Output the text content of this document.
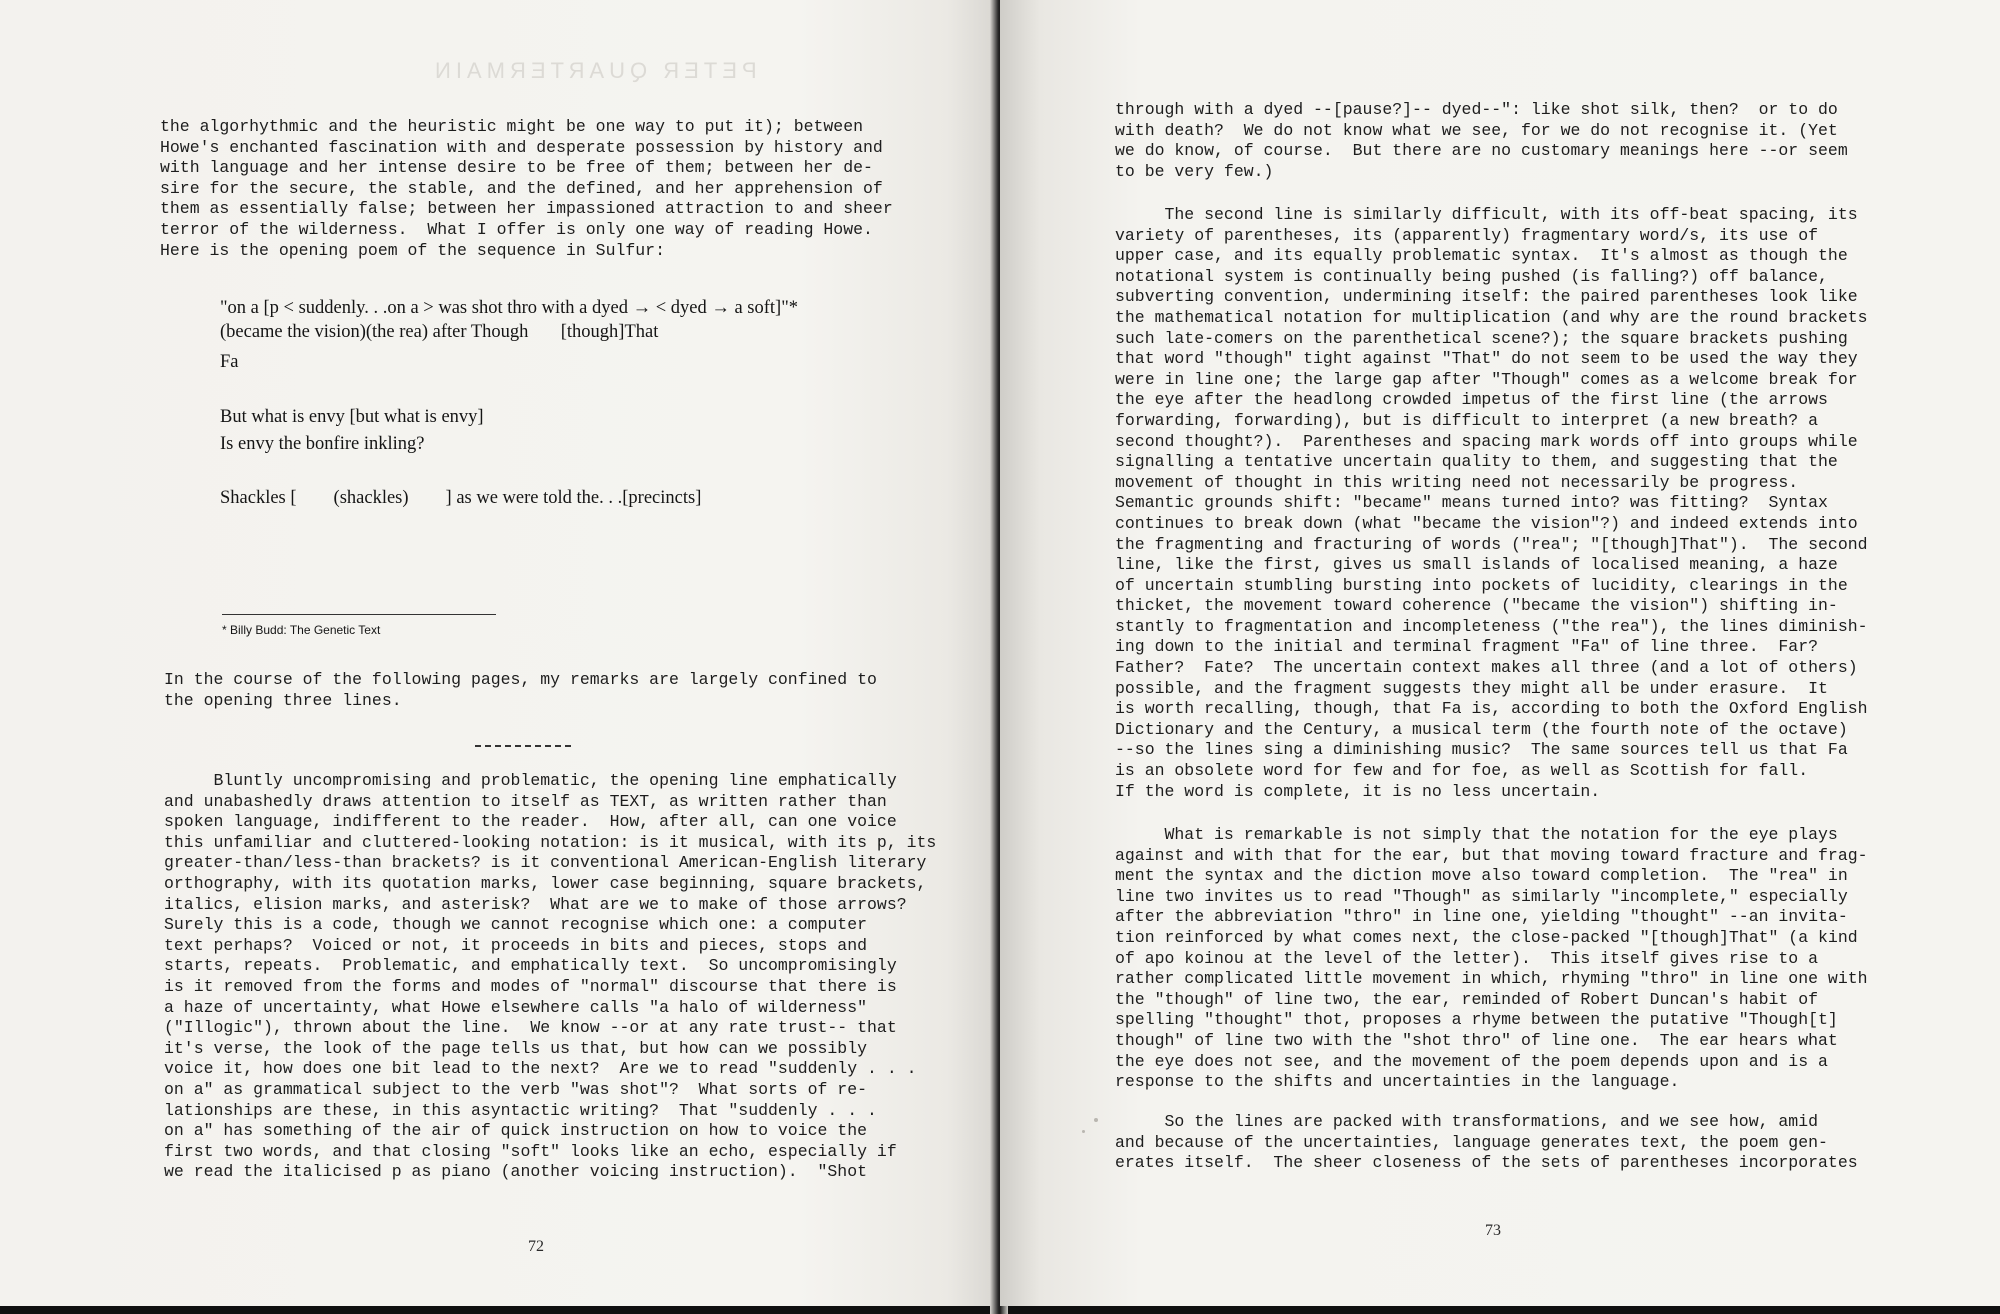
PETER QUARTERMAIN

the algorhythmic and the heuristic might be one way to put it); between

Howe's enchanted fascination with and desperate possession by history and

with language and her intense desire to be free of them; between her de-

sire for the secure, the stable, and the defined, and her apprehension of

them as essentially false; between her impassioned attraction to and sheer

terror of the wilderness.  What I offer is only one way of reading Howe.

Here is the opening poem of the sequence in Sulfur:

"on a [p < suddenly. . .on a > was shot thro with a dyed → < dyed → a soft]"*
(became the vision)(the rea) after Though       [though]That
Fa
But what is envy [but what is envy]
Is envy the bonfire inkling?
Shackles [        (shackles)        ] as we were told the. . .[precincts]
* Billy Budd: The Genetic Text

In the course of the following pages, my remarks are largely confined to

the opening three lines.

Bluntly uncompromising and problematic, the opening line emphatically

and unabashedly draws attention to itself as TEXT, as written rather than

spoken language, indifferent to the reader.  How, after all, can one voice

this unfamiliar and cluttered-looking notation: is it musical, with its p, its

greater-than/less-than brackets? is it conventional American-English literary

orthography, with its quotation marks, lower case beginning, square brackets,

italics, elision marks, and asterisk?  What are we to make of those arrows?

Surely this is a code, though we cannot recognise which one: a computer

text perhaps?  Voiced or not, it proceeds in bits and pieces, stops and

starts, repeats.  Problematic, and emphatically text.  So uncompromisingly

is it removed from the forms and modes of "normal" discourse that there is

a haze of uncertainty, what Howe elsewhere calls "a halo of wilderness"

("Illogic"), thrown about the line.  We know --or at any rate trust-- that

it's verse, the look of the page tells us that, but how can we possibly

voice it, how does one bit lead to the next?  Are we to read "suddenly . . .

on a" as grammatical subject to the verb "was shot"?  What sorts of re-

lationships are these, in this asyntactic writing?  That "suddenly . . .

on a" has something of the air of quick instruction on how to voice the

first two words, and that closing "soft" looks like an echo, especially if

we read the italicised p as piano (another voicing instruction).  "Shot

72

through with a dyed --[pause?]-- dyed--": like shot silk, then?  or to do

with death?  We do not know what we see, for we do not recognise it. (Yet

we do know, of course.  But there are no customary meanings here --or seem

to be very few.)

The second line is similarly difficult, with its off-beat spacing, its

variety of parentheses, its (apparently) fragmentary word/s, its use of

upper case, and its equally problematic syntax.  It's almost as though the

notational system is continually being pushed (is falling?) off balance,

subverting convention, undermining itself: the paired parentheses look like

the mathematical notation for multiplication (and why are the round brackets

such late-comers on the parenthetical scene?); the square brackets pushing

that word "though" tight against "That" do not seem to be used the way they

were in line one; the large gap after "Though" comes as a welcome break for

the eye after the headlong crowded impetus of the first line (the arrows

forwarding, forwarding), but is difficult to interpret (a new breath? a

second thought?).  Parentheses and spacing mark words off into groups while

signalling a tentative uncertain quality to them, and suggesting that the

movement of thought in this writing need not necessarily be progress.

Semantic grounds shift: "became" means turned into? was fitting?  Syntax

continues to break down (what "became the vision"?) and indeed extends into

the fragmenting and fracturing of words ("rea"; "[though]That").  The second

line, like the first, gives us small islands of localised meaning, a haze

of uncertain stumbling bursting into pockets of lucidity, clearings in the

thicket, the movement toward coherence ("became the vision") shifting in-

stantly to fragmentation and incompleteness ("the rea"), the lines diminish-

ing down to the initial and terminal fragment "Fa" of line three.  Far?

Father?  Fate?  The uncertain context makes all three (and a lot of others)

possible, and the fragment suggests they might all be under erasure.  It

is worth recalling, though, that Fa is, according to both the Oxford English

Dictionary and the Century, a musical term (the fourth note of the octave)

--so the lines sing a diminishing music?  The same sources tell us that Fa

is an obsolete word for few and for foe, as well as Scottish for fall.

If the word is complete, it is no less uncertain.

What is remarkable is not simply that the notation for the eye plays

against and with that for the ear, but that moving toward fracture and frag-

ment the syntax and the diction move also toward completion.  The "rea" in

line two invites us to read "Though" as similarly "incomplete," especially

after the abbreviation "thro" in line one, yielding "thought" --an invita-

tion reinforced by what comes next, the close-packed "[though]That" (a kind

of apo koinou at the level of the letter).  This itself gives rise to a

rather complicated little movement in which, rhyming "thro" in line one with

the "though" of line two, the ear, reminded of Robert Duncan's habit of

spelling "thought" thot, proposes a rhyme between the putative "Though[t]

though" of line two with the "shot thro" of line one.  The ear hears what

the eye does not see, and the movement of the poem depends upon and is a

response to the shifts and uncertainties in the language.

So the lines are packed with transformations, and we see how, amid

and because of the uncertainties, language generates text, the poem gen-

erates itself.  The sheer closeness of the sets of parentheses incorporates

73
